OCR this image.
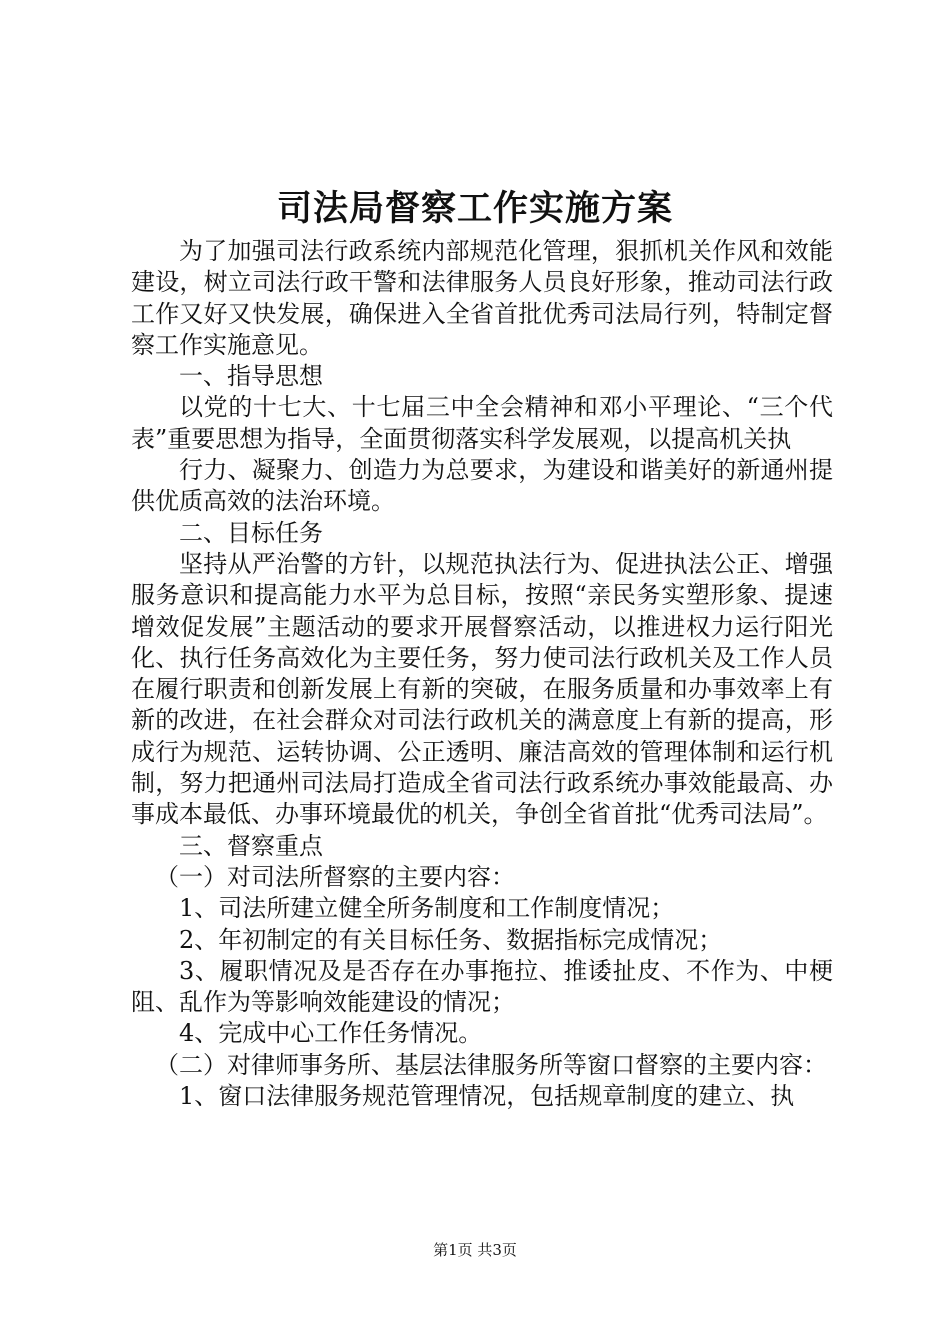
司法局督察工作实施方案

为了加强司法行政系统内部规范化管理，狠抓机关作风和效能建设，树立司法行政干警和法律服务人员良好形象，推动司法行政工作又好又快发展，确保进入全省首批优秀司法局行列，特制定督察工作实施意见。

一、指导思想

以党的十七大、十七届三中全会精神和邓小平理论、“三个代表”重要思想为指导，全面贯彻落实科学发展观，以提高机关执

行力、凝聚力、创造力为总要求，为建设和谐美好的新通州提供优质高效的法治环境。

二、目标任务

坚持从严治警的方针，以规范执法行为、促进执法公正、增强服务意识和提高能力水平为总目标，按照“亲民务实塑形象、提速增效促发展”主题活动的要求开展督察活动，以推进权力运行阳光化、执行任务高效化为主要任务，努力使司法行政机关及工作人员在履行职责和创新发展上有新的突破，在服务质量和办事效率上有新的改进，在社会群众对司法行政机关的满意度上有新的提高，形成行为规范、运转协调、公正透明、廉洁高效的管理体制和运行机制，努力把通州司法局打造成全省司法行政系统办事效能最高、办事成本最低、办事环境最优的机关，争创全省首批“优秀司法局”。

三、督察重点

（一）对司法所督察的主要内容：

1、司法所建立健全所务制度和工作制度情况；

2、年初制定的有关目标任务、数据指标完成情况；

3、履职情况及是否存在办事拖拉、推诿扯皮、不作为、中梗阻、乱作为等影响效能建设的情况；

4、完成中心工作任务情况。

（二）对律师事务所、基层法律服务所等窗口督察的主要内容：

1、窗口法律服务规范管理情况，包括规章制度的建立、执

第1页 共3页
